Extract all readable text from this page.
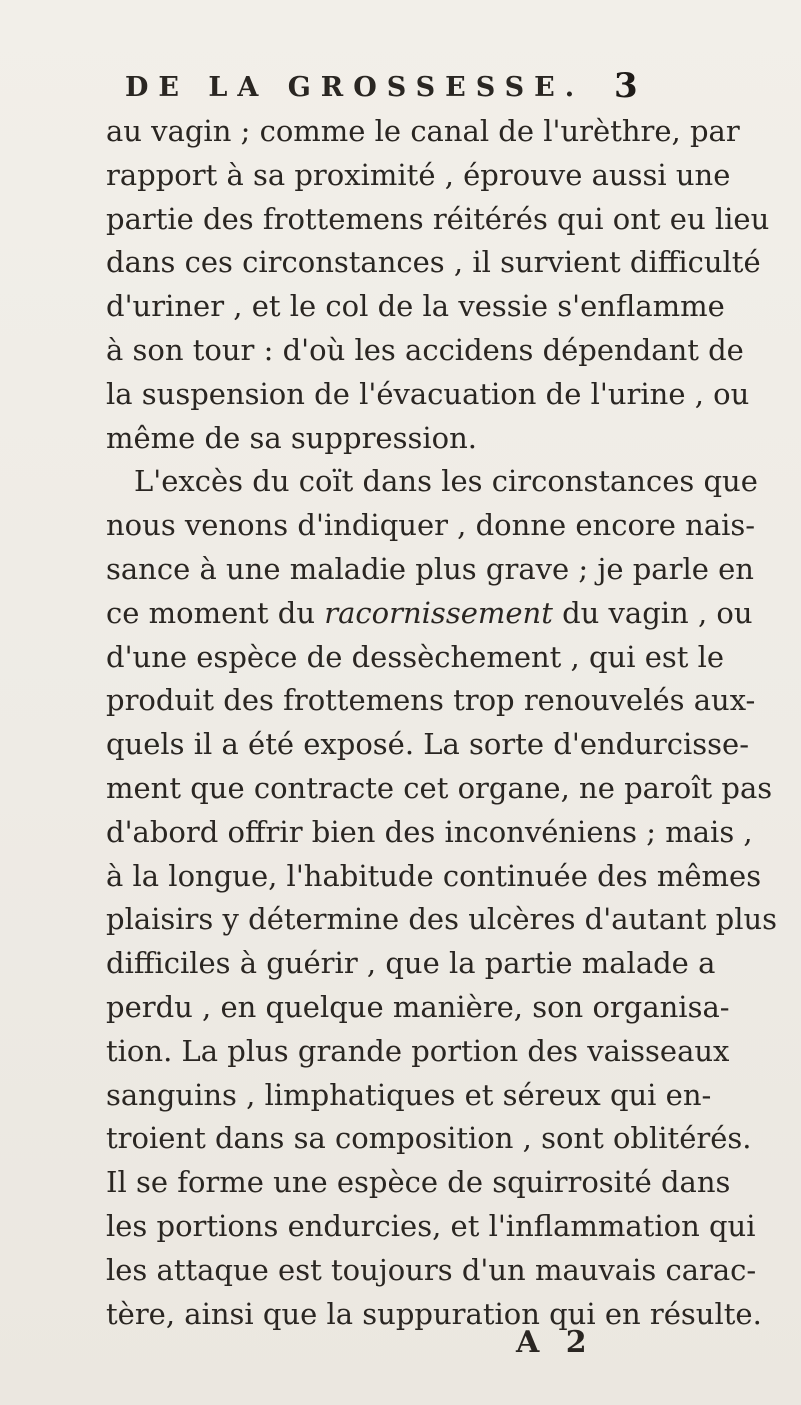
DE LA GROSSESSE. 3
au vagin ; comme le canal de l'urèthre, par
rapport à sa proximité , éprouve aussi une
partie des frottemens réitérés qui ont eu lieu
dans ces circonstances , il survient difficulté
d'uriner , et le col de la vessie s'enflamme
à son tour : d'où les accidens dépendant de
la suspension de l'évacuation de l'urine , ou
même de sa suppression.
L'excès du coït dans les circonstances que
nous venons d'indiquer , donne encore nais-
sance à une maladie plus grave ; je parle en
ce moment du racornissement du vagin , ou
d'une espèce de dessèchement , qui est le
produit des frottemens trop renouvelés aux-
quels il a été exposé. La sorte d'endurcisse-
ment que contracte cet organe, ne paroît pas
d'abord offrir bien des inconvéniens ; mais ,
à la longue, l'habitude continuée des mêmes
plaisirs y détermine des ulcères d'autant plus
difficiles à guérir , que la partie malade a
perdu , en quelque manière, son organisa-
tion. La plus grande portion des vaisseaux
sanguins , limphatiques et séreux qui en-
troient dans sa composition , sont oblitérés.
Il se forme une espèce de squirrosité dans
les portions endurcies, et l'inflammation qui
les attaque est toujours d'un mauvais carac-
tère, ainsi que la suppuration qui en résulte.
A 2
